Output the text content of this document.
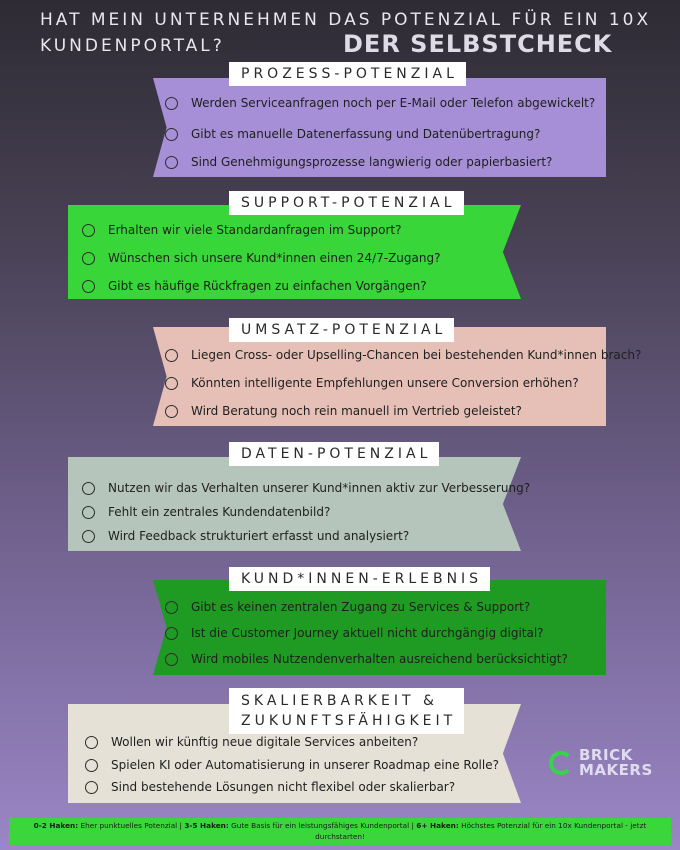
HAT MEIN UNTERNEHMEN DAS POTENZIAL FÜR EIN 10X
KUNDENPORTAL?	DER SELBSTCHECK
PROZESS-POTENZIAL
Werden Serviceanfragen noch per E-Mail oder Telefon abgewickelt?
Gibt es manuelle Datenerfassung und Datenübertragung?
Sind Genehmigungsprozesse langwierig oder papierbasiert?
SUPPORT-POTENZIAL
Erhalten wir viele Standardanfragen im Support?
Wünschen sich unsere Kund*innen einen 24/7-Zugang?
Gibt es häufige Rückfragen zu einfachen Vorgängen?
UMSATZ-POTENZIAL
Liegen Cross- oder Upselling-Chancen bei bestehenden Kund*innen brach?
Könnten intelligente Empfehlungen unsere Conversion erhöhen?
Wird Beratung noch rein manuell im Vertrieb geleistet?
DATEN-POTENZIAL
Nutzen wir das Verhalten unserer Kund*innen aktiv zur Verbesserung?
Fehlt ein zentrales Kundendatenbild?
Wird Feedback strukturiert erfasst und analysiert?
KUND*INNEN-ERLEBNIS
Gibt es keinen zentralen Zugang zu Services & Support?
Ist die Customer Journey aktuell nicht durchgängig digital?
Wird mobiles Nutzendenverhalten ausreichend berücksichtigt?
SKALIERBARKEIT &
ZUKUNFTSFÄHIGKEIT
Wollen wir künftig neue digitale Services anbeiten?
Spielen KI oder Automatisierung in unserer Roadmap eine Rolle?
Sind bestehende Lösungen nicht flexibel oder skalierbar?
BRICK
MAKERS
0-2 Haken: Eher punktuelles Potenzial | 3-5 Haken: Gute Basis für ein leistungsfähiges Kundenportal | 6+ Haken: Höchstes Potenzial für ein 10x Kundenportal - jetzt durchstarten!
